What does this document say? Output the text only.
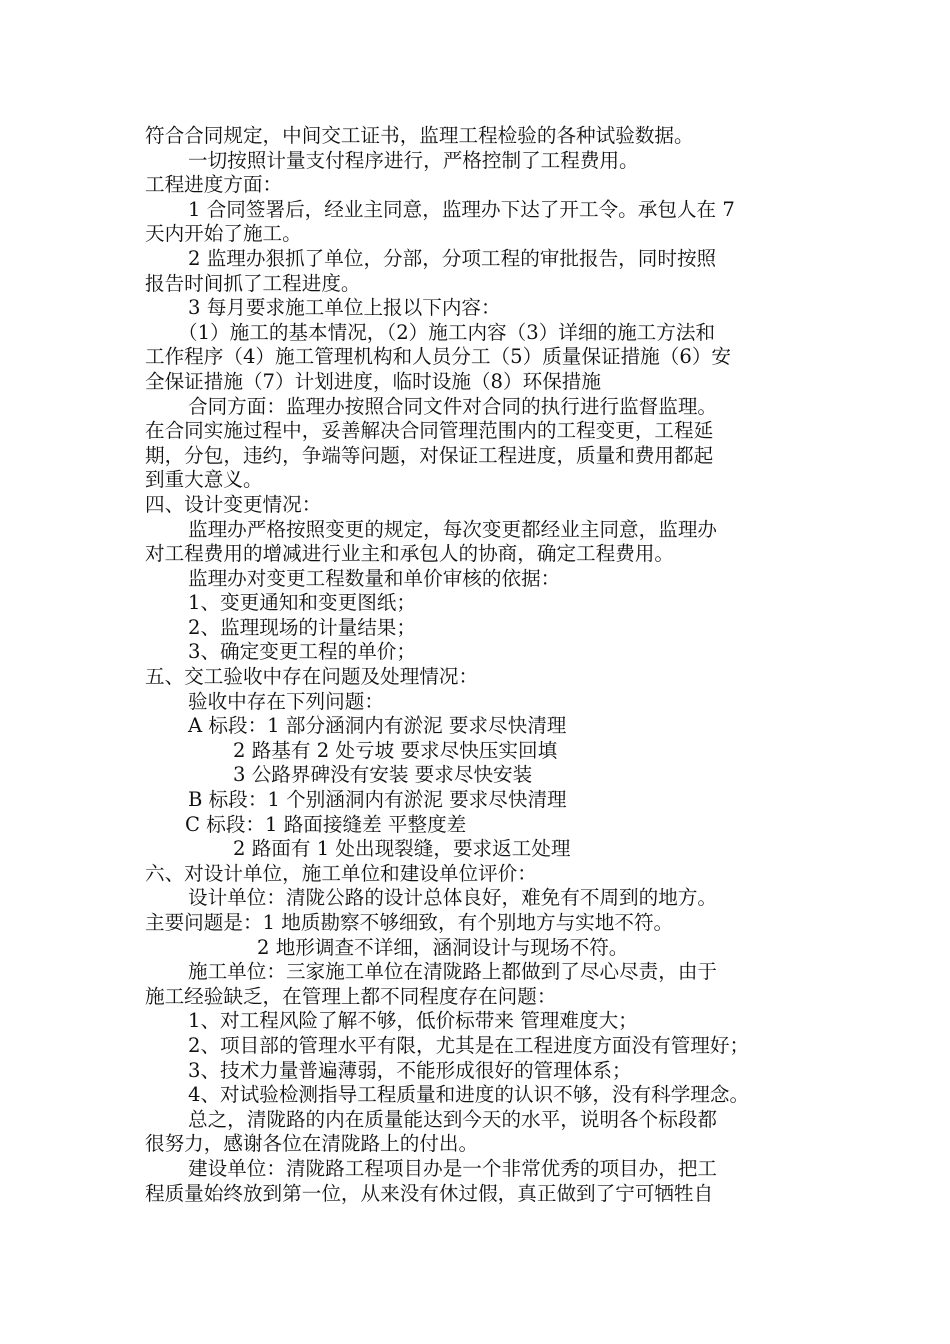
符合合同规定，中间交工证书，监理工程检验的各种试验数据。
一切按照计量支付程序进行，严格控制了工程费用。
工程进度方面：
1 合同签署后，经业主同意，监理办下达了开工令。承包人在 7
天内开始了施工。
2 监理办狠抓了单位，分部，分项工程的审批报告，同时按照
报告时间抓了工程进度。
3 每月要求施工单位上报以下内容：
（1）施工的基本情况，（2）施工内容（3）详细的施工方法和
工作程序（4）施工管理机构和人员分工（5）质量保证措施（6）安
全保证措施（7）计划进度，临时设施（8）环保措施
合同方面：监理办按照合同文件对合同的执行进行监督监理。
在合同实施过程中，妥善解决合同管理范围内的工程变更，工程延
期，分包，违约，争端等问题，对保证工程进度，质量和费用都起
到重大意义。
四、设计变更情况：
监理办严格按照变更的规定，每次变更都经业主同意，监理办
对工程费用的增减进行业主和承包人的协商，确定工程费用。
监理办对变更工程数量和单价审核的依据：
1、变更通知和变更图纸；
2、监理现场的计量结果；
3、确定变更工程的单价；
五、交工验收中存在问题及处理情况：
验收中存在下列问题：
A 标段：1 部分涵洞内有淤泥 要求尽快清理
2 路基有 2 处亏坡 要求尽快压实回填
3 公路界碑没有安装 要求尽快安装
B 标段：1 个别涵洞内有淤泥 要求尽快清理
C 标段：1 路面接缝差 平整度差
2 路面有 1 处出现裂缝，要求返工处理
六、对设计单位，施工单位和建设单位评价：
设计单位：清陇公路的设计总体良好，难免有不周到的地方。
主要问题是：1 地质勘察不够细致，有个别地方与实地不符。
2 地形调查不详细，涵洞设计与现场不符。
施工单位：三家施工单位在清陇路上都做到了尽心尽责，由于
施工经验缺乏，在管理上都不同程度存在问题：
1、对工程风险了解不够，低价标带来 管理难度大；
2、项目部的管理水平有限，尤其是在工程进度方面没有管理好；
3、技术力量普遍薄弱，不能形成很好的管理体系；
4、对试验检测指导工程质量和进度的认识不够，没有科学理念。
总之，清陇路的内在质量能达到今天的水平，说明各个标段都
很努力，感谢各位在清陇路上的付出。
建设单位：清陇路工程项目办是一个非常优秀的项目办，把工
程质量始终放到第一位，从来没有休过假，真正做到了宁可牺牲自
